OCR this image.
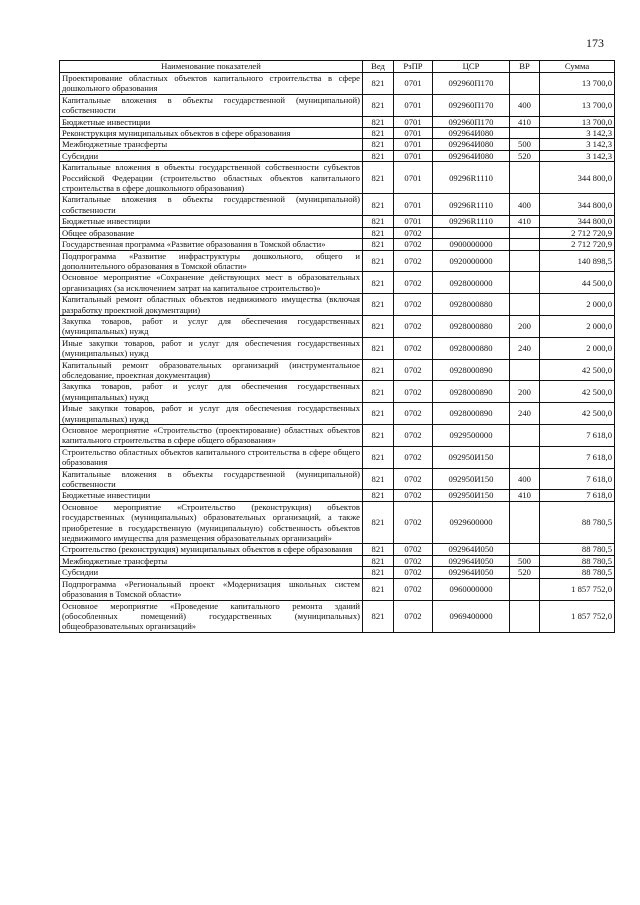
173
Наименование показателей	Вед	РзПР	ЦСР	ВР	Сумма
Проектирование областных объектов капитального строительства в сфере дошкольного образования	821	0701	092960П170		13 700,0
Капитальные вложения в объекты государственной (муниципальной) собственности	821	0701	092960П170	400	13 700,0
Бюджетные инвестиции	821	0701	092960П170	410	13 700,0
Реконструкция муниципальных объектов в сфере образования	821	0701	092964И080		3 142,3
Межбюджетные трансферты	821	0701	092964И080	500	3 142,3
Субсидии	821	0701	092964И080	520	3 142,3
Капитальные вложения в объекты государственной собственности субъектов Российской Федерации (строительство областных объектов капитального строительства в сфере дошкольного образования)	821	0701	09296R1110		344 800,0
Капитальные вложения в объекты государственной (муниципальной) собственности	821	0701	09296R1110	400	344 800,0
Бюджетные инвестиции	821	0701	09296R1110	410	344 800,0
Общее образование	821	0702			2 712 720,9
Государственная программа «Развитие образования в Томской области»	821	0702	0900000000		2 712 720,9
Подпрограмма «Развитие инфраструктуры дошкольного, общего и дополнительного образования в Томской области»	821	0702	0920000000		140 898,5
Основное мероприятие «Сохранение действующих мест в образовательных организациях (за исключением затрат на капитальное строительство)»	821	0702	0928000000		44 500,0
Капитальный ремонт областных объектов недвижимого имущества (включая разработку проектной документации)	821	0702	0928000880		2 000,0
Закупка товаров, работ и услуг для обеспечения государственных (муниципальных) нужд	821	0702	0928000880	200	2 000,0
Иные закупки товаров, работ и услуг для обеспечения государственных (муниципальных) нужд	821	0702	0928000880	240	2 000,0
Капитальный ремонт образовательных организаций (инструментальное обследование, проектная документация)	821	0702	0928000890		42 500,0
Закупка товаров, работ и услуг для обеспечения государственных (муниципальных) нужд	821	0702	0928000890	200	42 500,0
Иные закупки товаров, работ и услуг для обеспечения государственных (муниципальных) нужд	821	0702	0928000890	240	42 500,0
Основное мероприятие «Строительство (проектирование) областных объектов капитального строительства в сфере общего образования»	821	0702	0929500000		7 618,0
Строительство областных объектов капитального строительства в сфере общего образования	821	0702	092950И150		7 618,0
Капитальные вложения в объекты государственной (муниципальной) собственности	821	0702	092950И150	400	7 618,0
Бюджетные инвестиции	821	0702	092950И150	410	7 618,0
Основное мероприятие «Строительство (реконструкция) объектов государственных (муниципальных) образовательных организаций, а также приобретение в государственную (муниципальную) собственность объектов недвижимого имущества для размещения образовательных организаций»	821	0702	0929600000		88 780,5
Строительство (реконструкция) муниципальных объектов в сфере образования	821	0702	092964И050		88 780,5
Межбюджетные трансферты	821	0702	092964И050	500	88 780,5
Субсидии	821	0702	092964И050	520	88 780,5
Подпрограмма «Региональный проект «Модернизация школьных систем образования в Томской области»	821	0702	0960000000		1 857 752,0
Основное мероприятие «Проведение капитального ремонта зданий (обособленных помещений) государственных (муниципальных) общеобразовательных организаций»	821	0702	0969400000		1 857 752,0
